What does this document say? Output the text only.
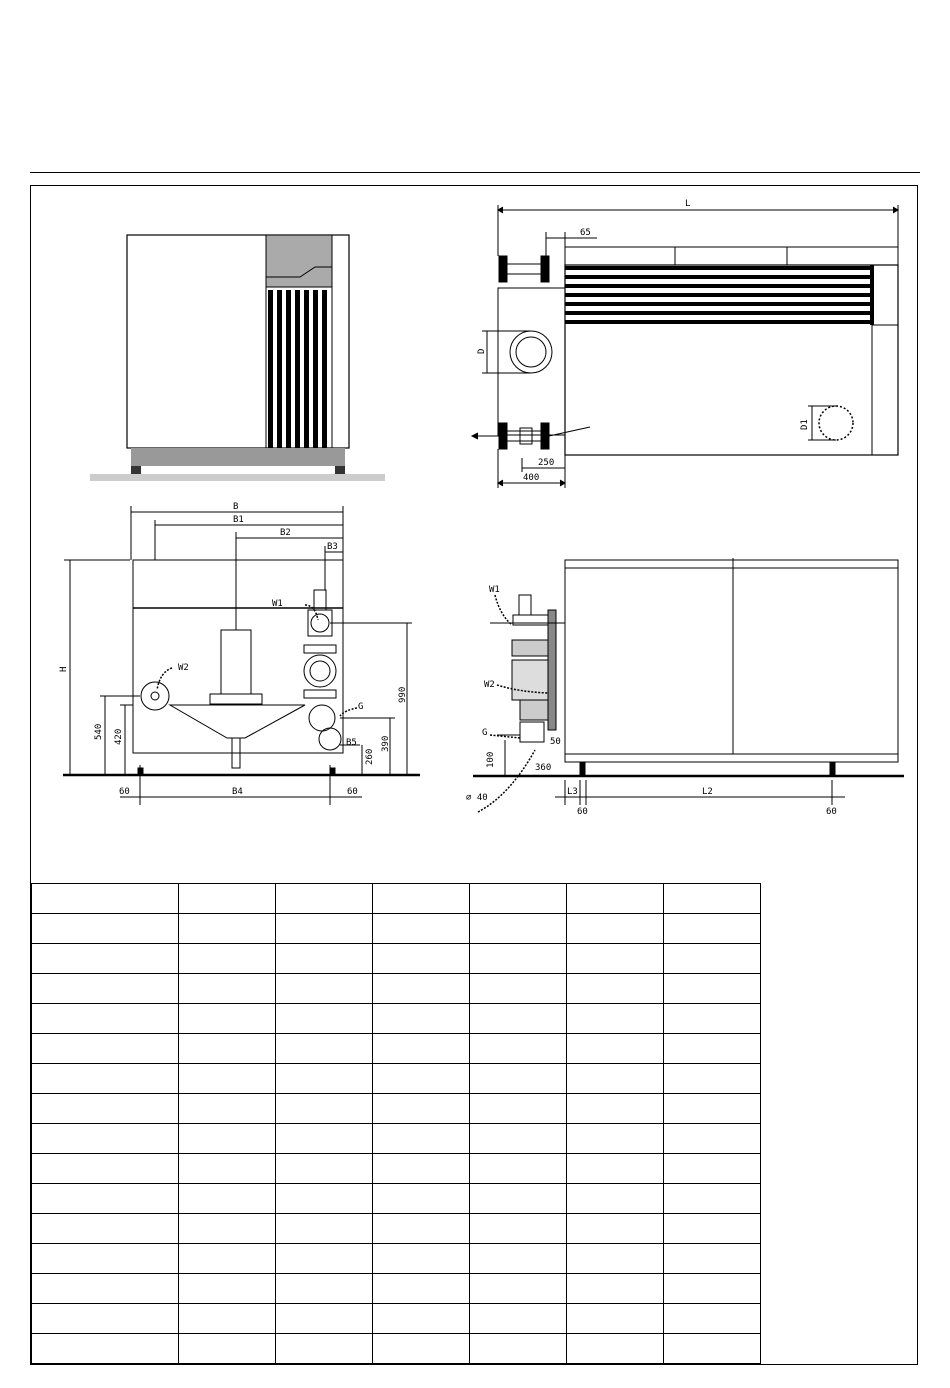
L
65
D
D1
250
400
B
B1
B2
B3
H	W2
W1
G
B5
990
390
260
540 420
60	B4	60
W1
W2
G
100	360
50
∅ 40
L3	L2
60	60
